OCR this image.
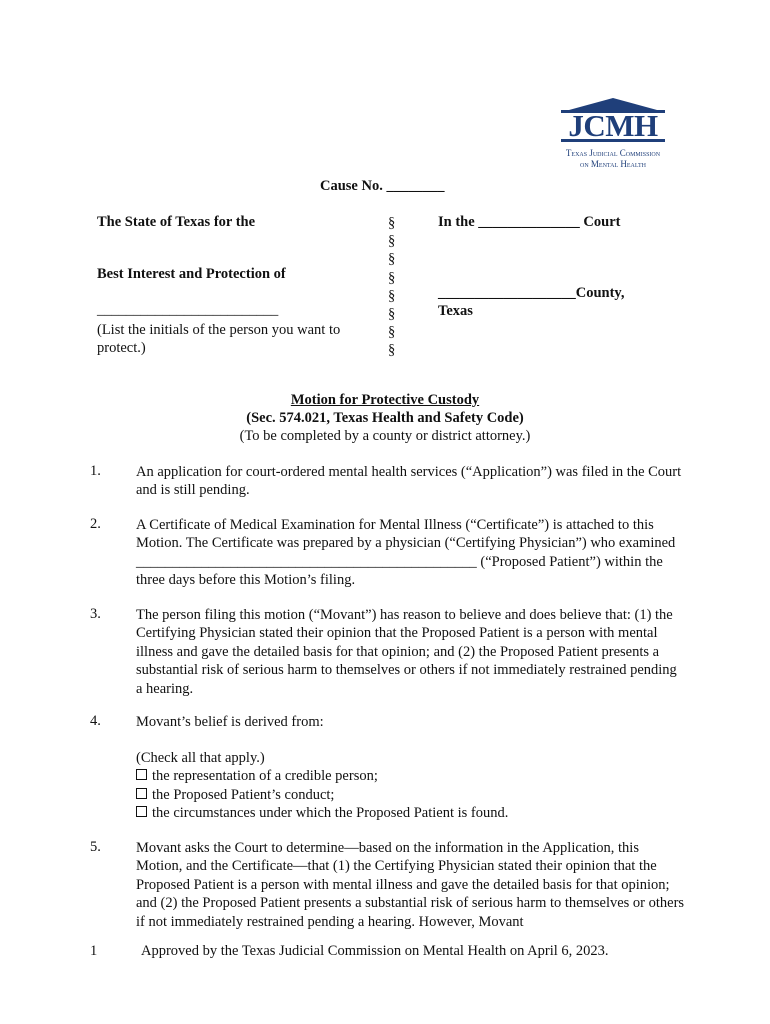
JCMH
Texas Judicial Commission
on Mental Health
Cause No. ________
The State of Texas for the
Best Interest and Protection of
_________________________
(List the initials of the person you want to protect.)
§
§
§
§
§
§
§
§
In the ______________ Court
___________________County,
Texas
Motion for Protective Custody
(Sec. 574.021, Texas Health and Safety Code)
(To be completed by a county or district attorney.)
1.	An application for court-ordered mental health services (“Application”) was filed in the Court and is still pending.
2.	A Certificate of Medical Examination for Mental Illness (“Certificate”) is attached to this Motion. The Certificate was prepared by a physician (“Certifying Physician”) who examined _______________________________________________ (“Proposed Patient”) within the three days before this Motion’s filing.
3.	The person filing this motion (“Movant”) has reason to believe and does believe that: (1) the Certifying Physician stated their opinion that the Proposed Patient is a person with mental illness and gave the detailed basis for that opinion; and (2) the Proposed Patient presents a substantial risk of serious harm to themselves or others if not immediately restrained pending a hearing.
4.	Movant’s belief is derived from:
(Check all that apply.)
the representation of a credible person;
the Proposed Patient’s conduct;
the circumstances under which the Proposed Patient is found.
5.	Movant asks the Court to determine—based on the information in the Application, this Motion, and the Certificate—that (1) the Certifying Physician stated their opinion that the Proposed Patient is a person with mental illness and gave the detailed basis for that opinion; and (2) the Proposed Patient presents a substantial risk of serious harm to themselves or others if not immediately restrained pending a hearing. However, Movant
1	Approved by the Texas Judicial Commission on Mental Health on April 6, 2023.
